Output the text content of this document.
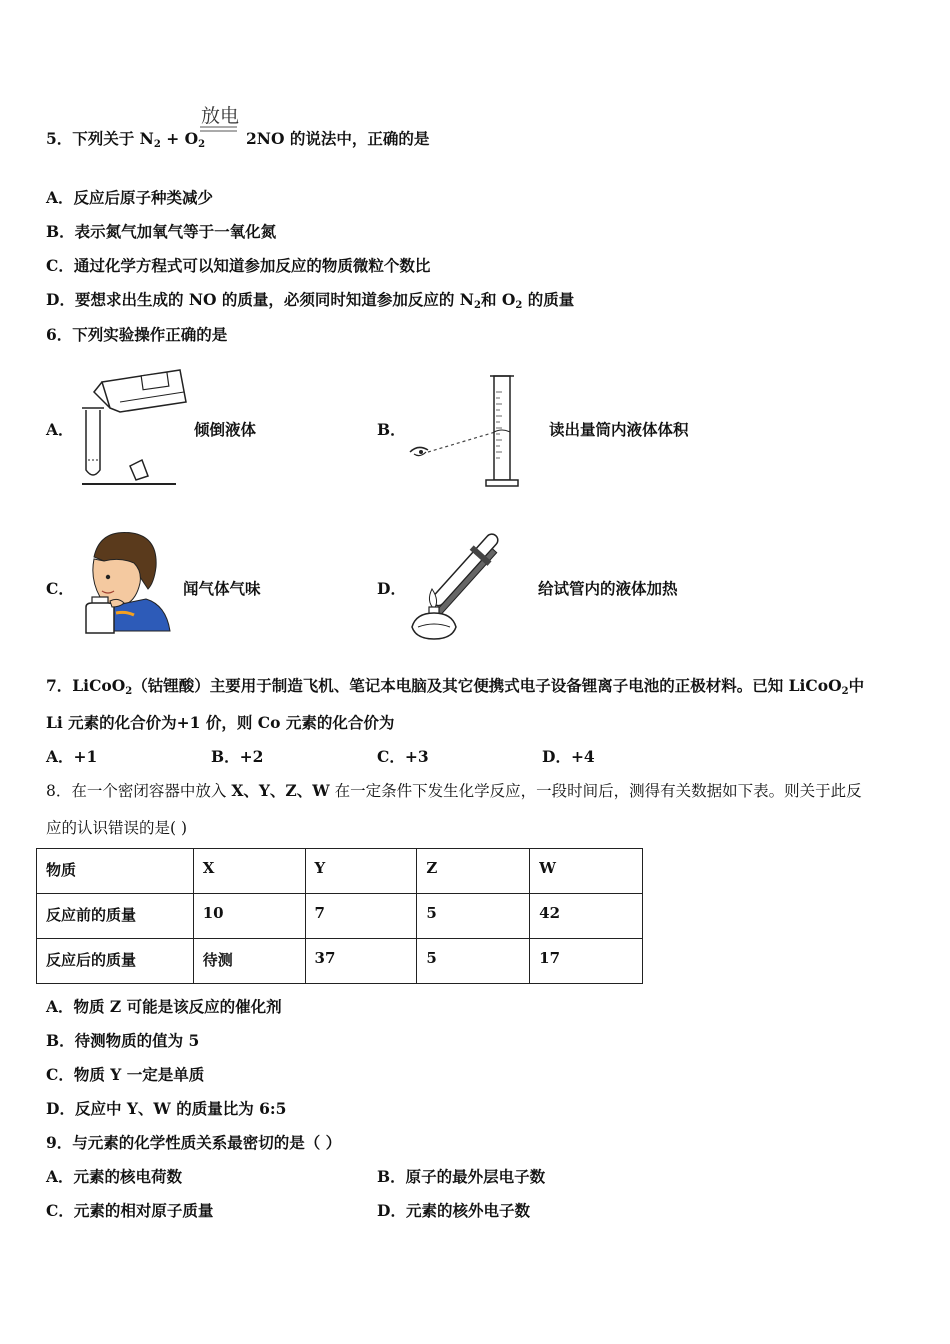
放电
5．下列关于 $N_2 + O_2$	2NO 的说法中，正确的是
A．反应后原子种类减少
B．表示氮气加氧气等于一氧化氮
C．通过化学方程式可以知道参加反应的物质微粒个数比
D．要想求出生成的 NO 的质量，必须同时知道参加反应的 $N_2$和 $O_2$ 的质量
6．下列实验操作正确的是
A．	倾倒液体	B．	读出量筒内液体体积
C．	闻气体气味	D．	给试管内的液体加热
7．LiCoO$_2$（钴锂酸）主要用于制造飞机、笔记本电脑及其它便携式电子设备锂离子电池的正极材料。已知 LiCoO$_2$中
Li 元素的化合价为+1 价，则 Co 元素的化合价为
A．+1	B．+2	C．+3	D．+4
8．在一个密闭容器中放入 X、Y、Z、W 在一定条件下发生化学反应，一段时间后，测得有关数据如下表。则关于此反
应的认识错误的是( )
物质	X	Y	Z	W
反应前的质量	10	7	5	42
反应后的质量	待测	37	5	17
A．物质 Z 可能是该反应的催化剂
B．待测物质的值为 5
C．物质 Y 一定是单质
D．反应中 Y、W 的质量比为 6:5
9．与元素的化学性质关系最密切的是（ ）
A．元素的核电荷数	B．原子的最外层电子数
C．元素的相对原子质量	D．元素的核外电子数
